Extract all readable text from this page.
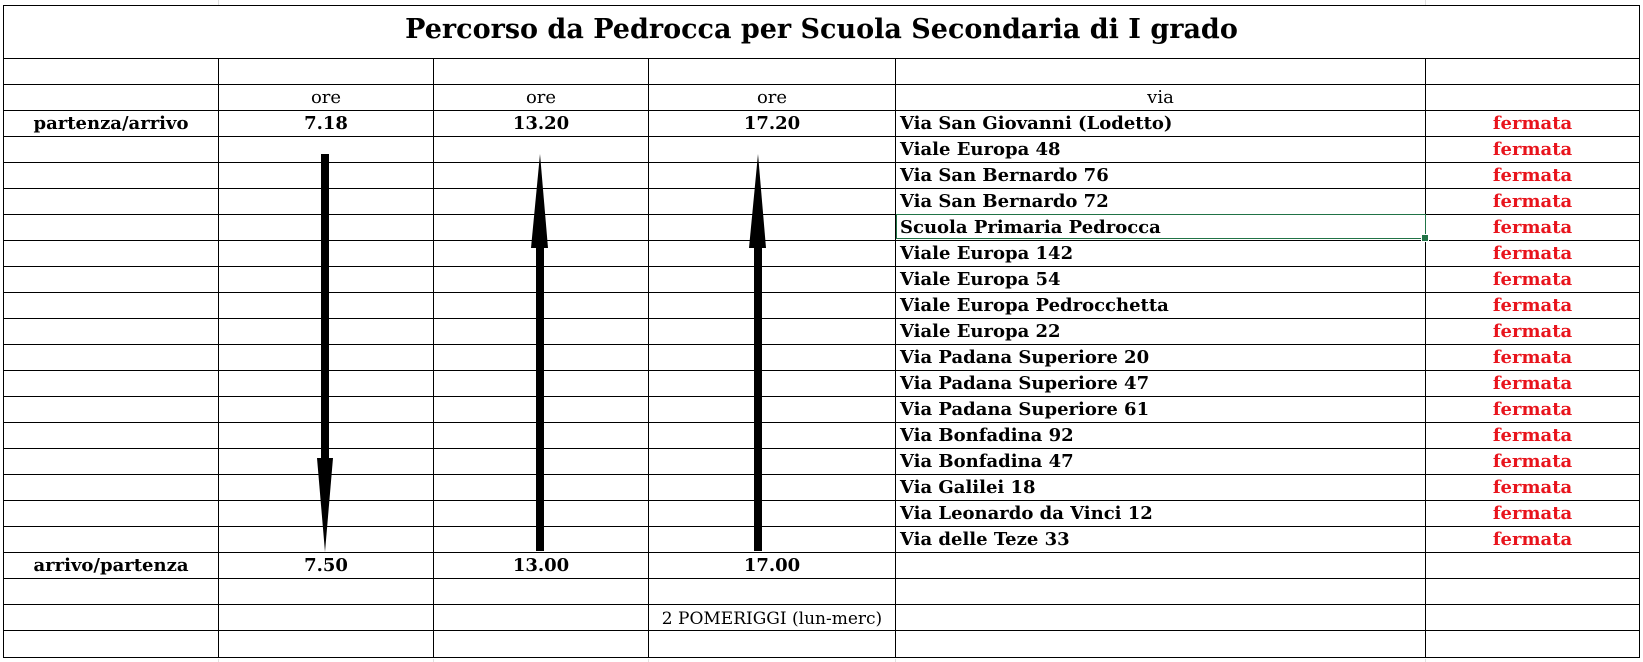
Percorso da Pedrocca per Scuola Secondaria di I grado
ore	ore	ore	via
partenza/arrivo	7.18	13.20	17.20	Via San Giovanni (Lodetto)	fermata
Viale Europa 48	fermata
Via San Bernardo 76	fermata
Via San Bernardo 72	fermata
Scuola Primaria Pedrocca	fermata
Viale Europa 142	fermata
Viale Europa 54	fermata
Viale Europa Pedrocchetta	fermata
Viale Europa 22	fermata
Via Padana Superiore 20	fermata
Via Padana Superiore 47	fermata
Via Padana Superiore 61	fermata
Via Bonfadina 92	fermata
Via Bonfadina 47	fermata
Via Galilei 18	fermata
Via Leonardo da Vinci 12	fermata
Via delle Teze 33	fermata
arrivo/partenza	7.50	13.00	17.00
2 POMERIGGI (lun-merc)
